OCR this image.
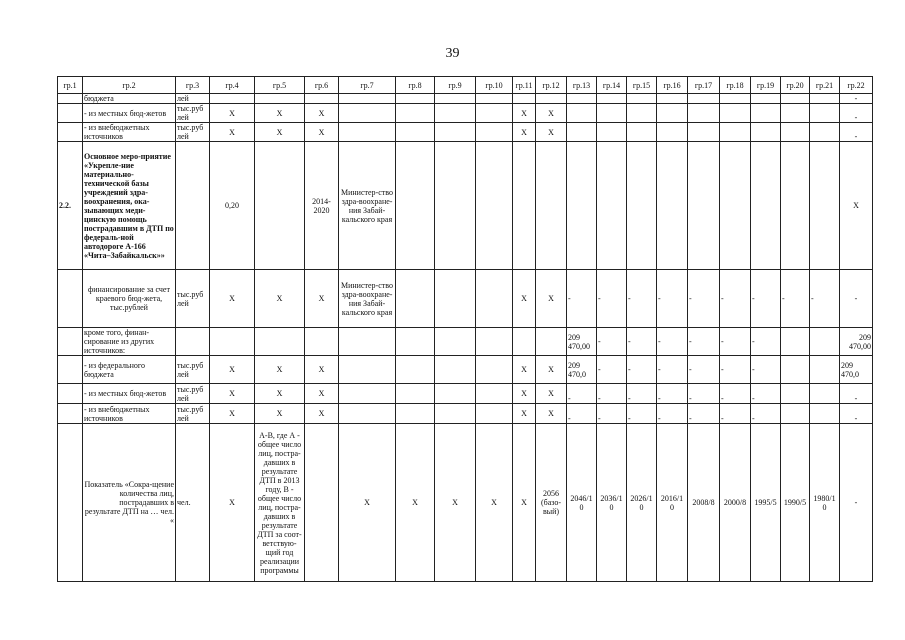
39
гр.1	гр.2	гр.3	гр.4	гр.5	гр.6	гр.7	гр.8	гр.9	гр.10	гр.11	гр.12	гр.13	гр.14	гр.15	гр.16	гр.17	гр.18	гр.19	гр.20	гр.21	гр.22
	бюджета	лей																			-
	- из местных бюд-жетов	тыс.руб лей	Х	Х	Х					Х	Х										-
	- из внебюджетных источников	тыс.руб лей	Х	Х	Х					Х	Х										-
2.2.	Основное меро-приятие «Укрепле-ние материально-технической базы учреждений здра-воохранения, ока-зывающих меди-цинскую помощь пострадавшим в ДТП по федераль-ной автодороге А-166 «Чита–Забайкальск»»		0,20		2014-2020	Министер-ство здра-воохране-ния Забай-кальского края															Х
	финансирование за счет краевого бюд-жета, тыс.рублей	тыс.руб лей	Х	Х	Х	Министер-ство здра-воохране-ния Забай-кальского края				Х	Х	-	-	-	-	-	-	-	-	-	-
	кроме того, финан-сирование из других источников:											209 470,00	-	-	-	-	-	-			209 470,00
	- из федерального бюджета	тыс.руб лей	Х	Х	Х					Х	Х	209 470,0	-	-	-	-	-	-			209 470,0
	- из местных бюд-жетов	тыс.руб лей	Х	Х	Х					Х	Х	-	-	-	-	-	-	-			-
	- из внебюджетных источников	тыс.руб лей	Х	Х	Х					Х	Х	-	-	-	-	-	-	-			-
	Показатель «Сокра-щение количества лиц, пострадавших в результате ДТП на … чел. «	чел.	Х	А-В, где А - общее число лиц, постра-давших в результате ДТП в 2013 году, В - общее число лиц, постра-давших в результате ДТП за соот-ветствую-щий год реализации программы		Х	Х	Х	Х	Х	2056 (базо-вый)	2046/1 0	2036/1 0	2026/1 0	2016/1 0	2008/8	2000/8	1995/5	1990/5	1980/1 0	-
